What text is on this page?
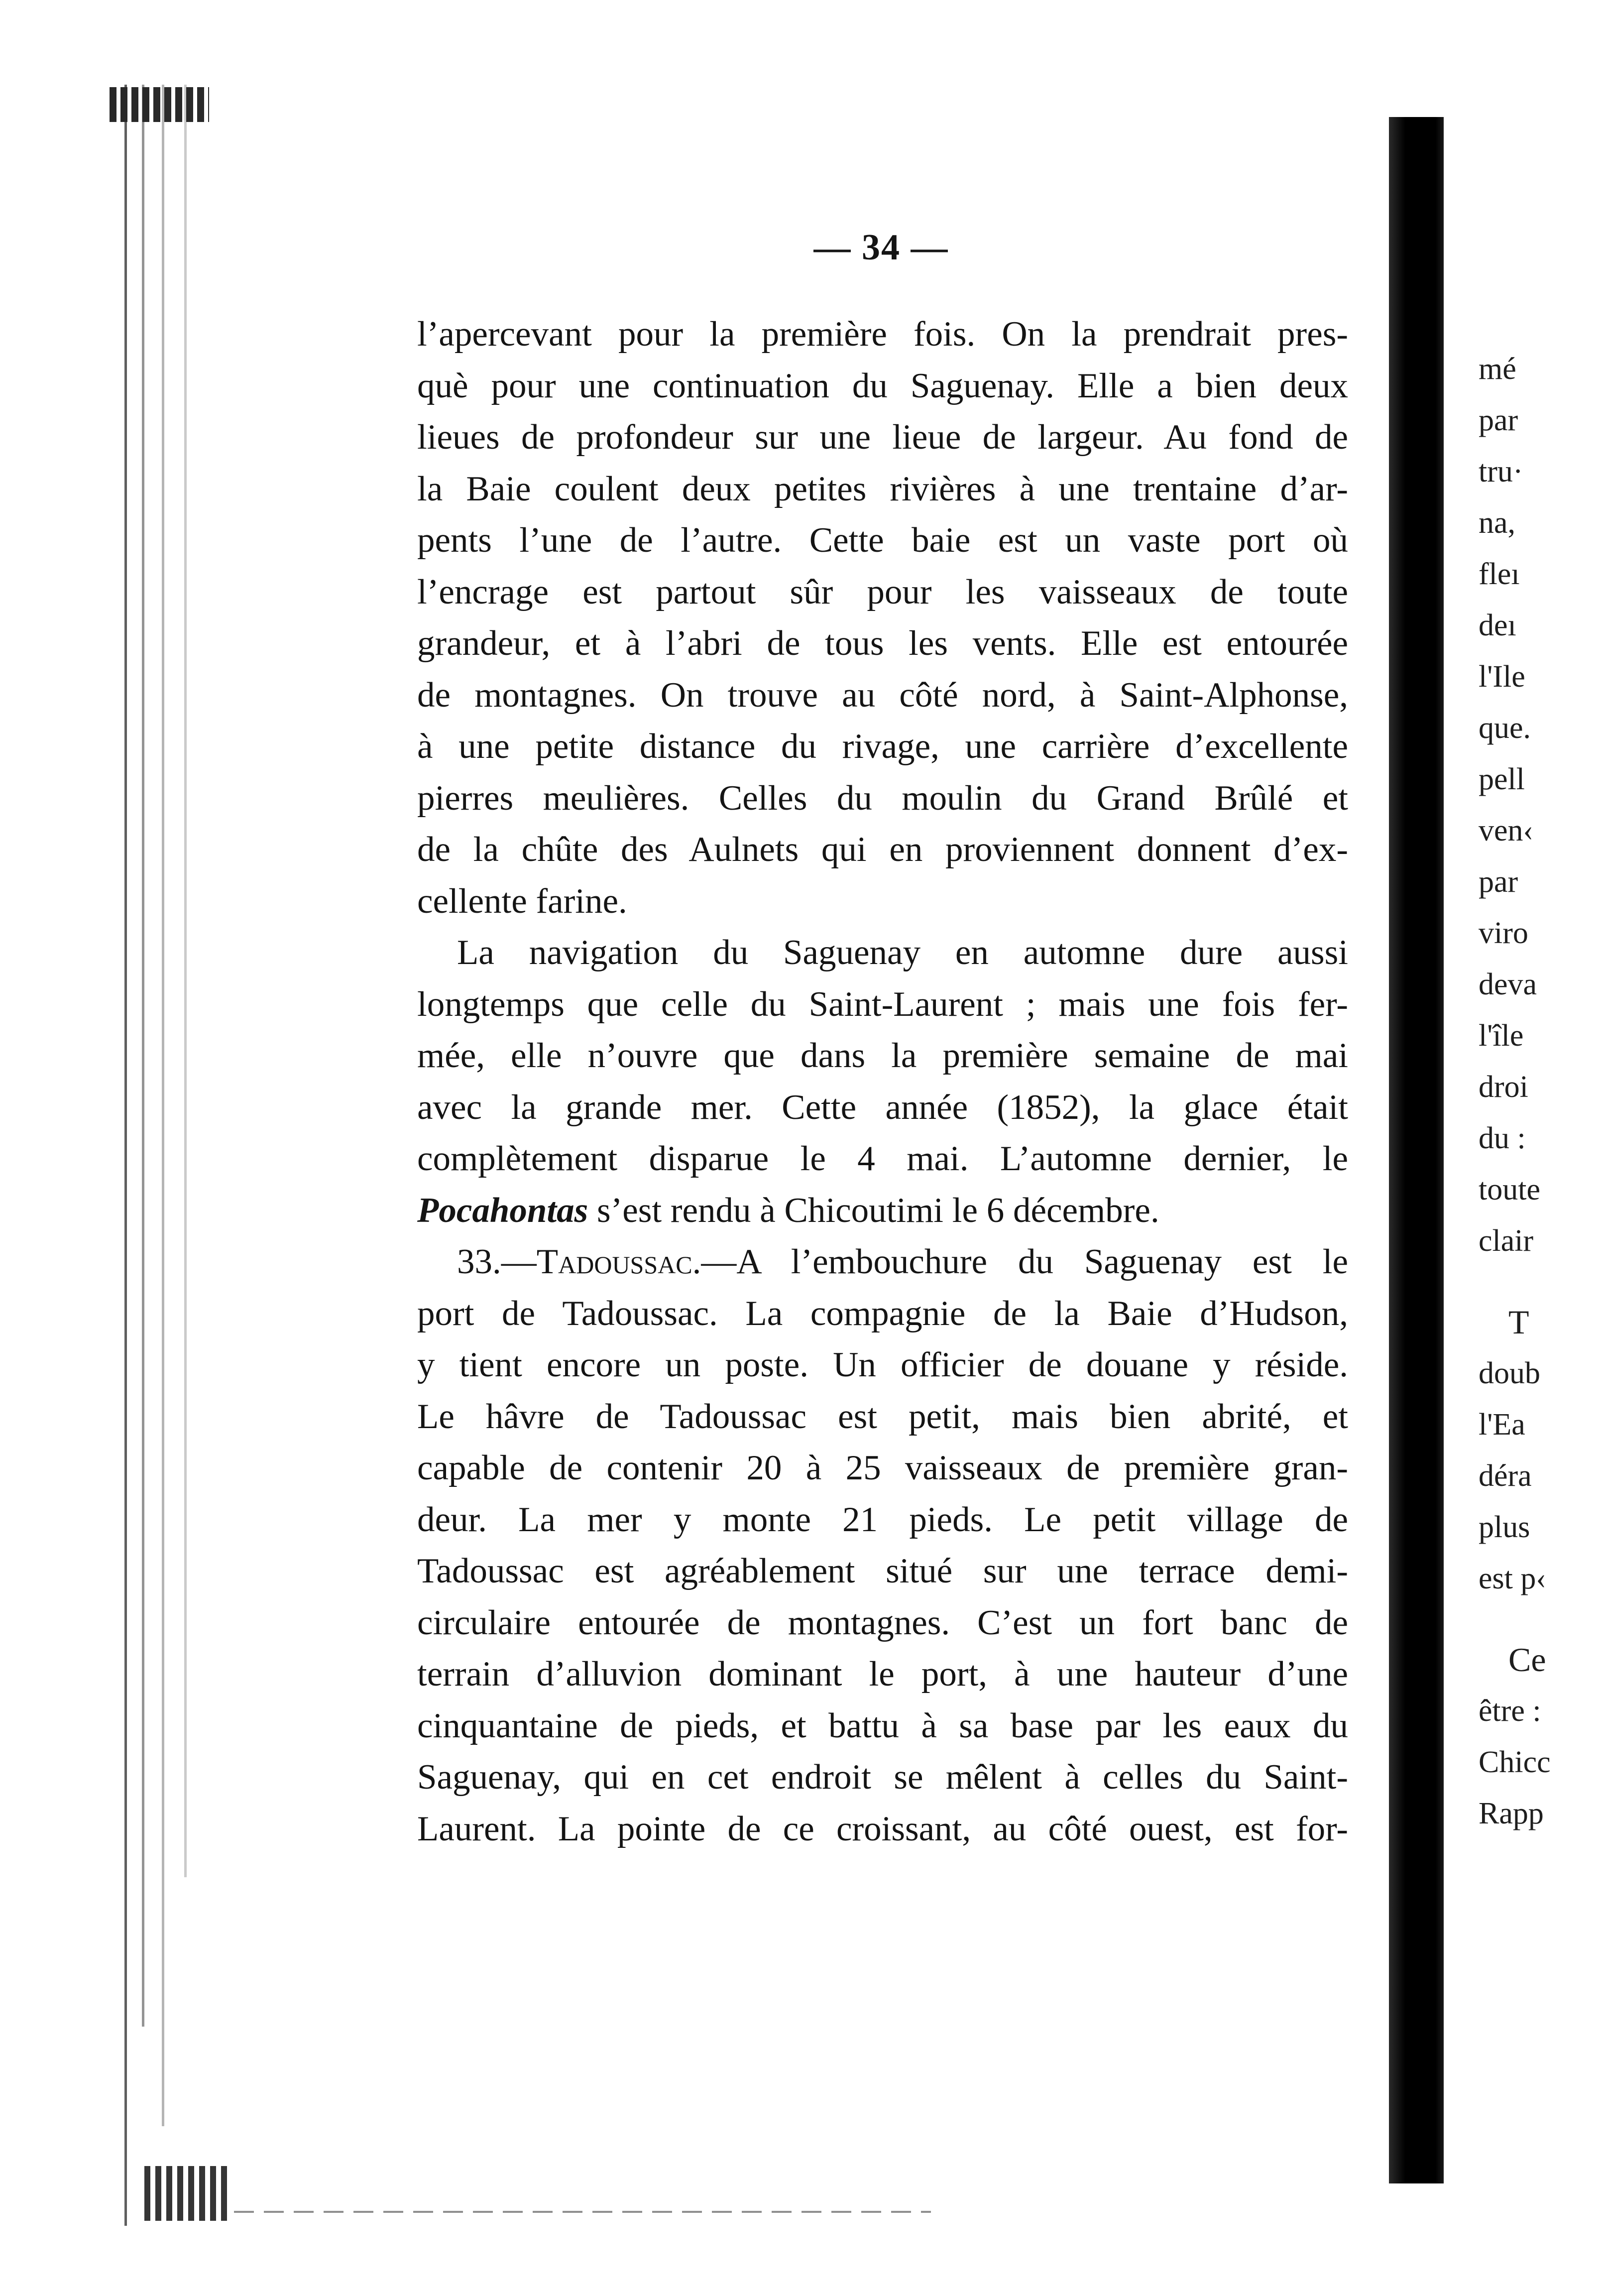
— 34 —
l’apercevant pour la première fois. On la prendrait pres-
què pour une continuation du Saguenay. Elle a bien deux
lieues de profondeur sur une lieue de largeur. Au fond de
la Baie coulent deux petites rivières à une trentaine d’ar-
pents l’une de l’autre. Cette baie est un vaste port où
l’encrage est partout sûr pour les vaisseaux de toute
grandeur, et à l’abri de tous les vents. Elle est entourée
de montagnes. On trouve au côté nord, à Saint-Alphonse,
à une petite distance du rivage, une carrière d’excellente
pierres meulières. Celles du moulin du Grand Brûlé et
de la chûte des Aulnets qui en proviennent donnent d’ex-
cellente farine.
La navigation du Saguenay en automne dure aussi
longtemps que celle du Saint-Laurent ; mais une fois fer-
mée, elle n’ouvre que dans la première semaine de mai
avec la grande mer. Cette année (1852), la glace était
complètement disparue le 4 mai. L’automne dernier, le
Pocahontas s’est rendu à Chicoutimi le 6 décembre.
33.—Tadoussac.—A l’embouchure du Saguenay est le
port de Tadoussac. La compagnie de la Baie d’Hudson,
y tient encore un poste. Un officier de douane y réside.
Le hâvre de Tadoussac est petit, mais bien abrité, et
capable de contenir 20 à 25 vaisseaux de première gran-
deur. La mer y monte 21 pieds. Le petit village de
Tadoussac est agréablement situé sur une terrace demi-
circulaire entourée de montagnes. C’est un fort banc de
terrain d’alluvion dominant le port, à une hauteur d’une
cinquantaine de pieds, et battu à sa base par les eaux du
Saguenay, qui en cet endroit se mêlent à celles du Saint-
Laurent. La pointe de ce croissant, au côté ouest, est for-
mé
par
tru·
na,
fleı
deı
l'Ile
que.
pell
ven‹
par
viro
deva
l'île
droi
du :
toute
clair
T
doub
l'Ea
déra
plus
est p‹
Ce
être :
Chicc
Rapp
